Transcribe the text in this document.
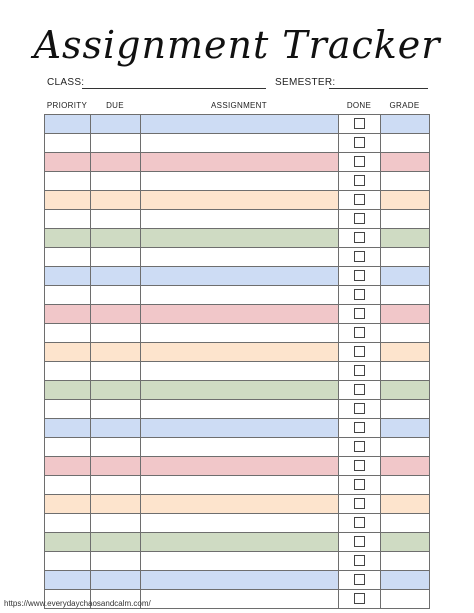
Assignment Tracker
CLASS:	SEMESTER:
PRIORITY	DUE	ASSIGNMENT	DONE	GRADE

https://www.everydaychaosandcalm.com/
